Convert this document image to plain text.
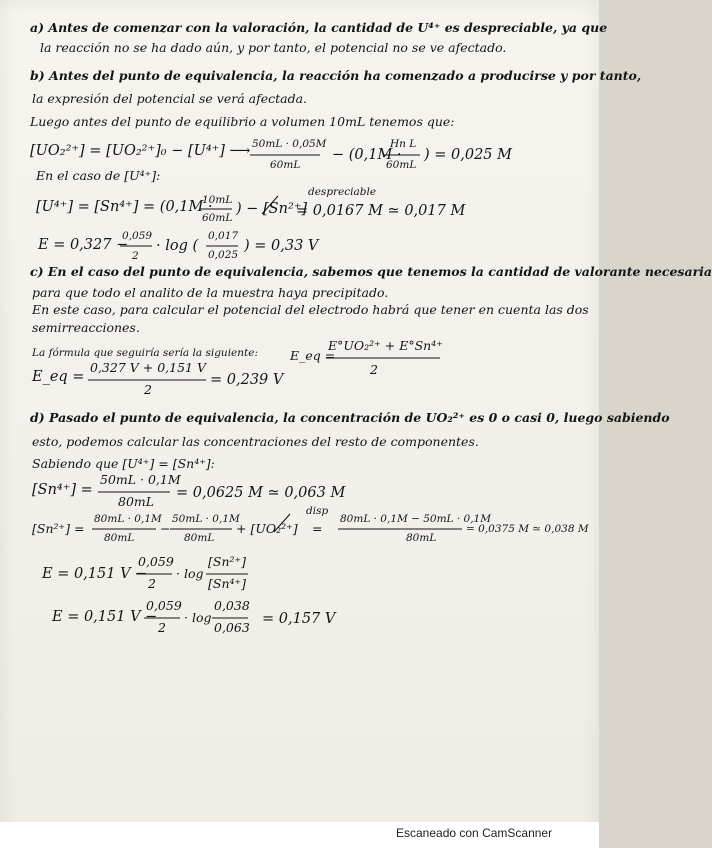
a) Antes de comenzar con la valoración, la cantidad de U⁴⁺ es despreciable, ya que
la reacción no se ha dado aún, y por tanto, el potencial no se ve afectado.
b) Antes del punto de equivalencia, la reacción ha comenzado a producirse y por tanto,
la expresión del potencial se verá afectada.
Luego antes del punto de equilibrio a volumen 10mL tenemos que:
[UO₂²⁺] = [UO₂²⁺]₀ − [U⁴⁺] ⟶ 50mL · 0,05M
60mL
− (0,1M ·
Hn L
60mL
) = 0,025 M
En el caso de [U⁴⁺]:
despreciable
[U⁴⁺] = [Sn⁴⁺] = (0,1M ·
10mL
60mL
) − [Sn²⁺]
= 0,0167 M ≃ 0,017 M
E = 0,327 −
0,059
2
· log (
0,017
0,025
) = 0,33 V
c) En el caso del punto de equivalencia, sabemos que tenemos la cantidad de valorante necesaria
para que todo el analito de la muestra haya precipitado.
En este caso, para calcular el potencial del electrodo habrá que tener en cuenta las dos
semirreacciones.
La fórmula que seguiría sería la siguiente:	E_eq =
E°UO₂²⁺ + E°Sn⁴⁺
2
E_eq =
0,327 V + 0,151 V
2
= 0,239 V
d) Pasado el punto de equivalencia, la concentración de UO₂²⁺ es 0 o casi 0, luego sabiendo
esto, podemos calcular las concentraciones del resto de componentes.
Sabiendo que [U⁴⁺] = [Sn⁴⁺]:
[Sn⁴⁺] =
50mL · 0,1M
80mL
= 0,0625 M ≃ 0,063 M
[Sn²⁺] =
80mL · 0,1M
80mL
−
50mL · 0,1M
80mL
+ [UO₂²⁺]
disp
=
80mL · 0,1M − 50mL · 0,1M
80mL
= 0,0375 M ≃ 0,038 M
E = 0,151 V −
0,059
2
· log
[Sn²⁺]
[Sn⁴⁺]
E = 0,151 V −
0,059
2
· log
0,038
0,063
= 0,157 V
Escaneado con CamScanner
